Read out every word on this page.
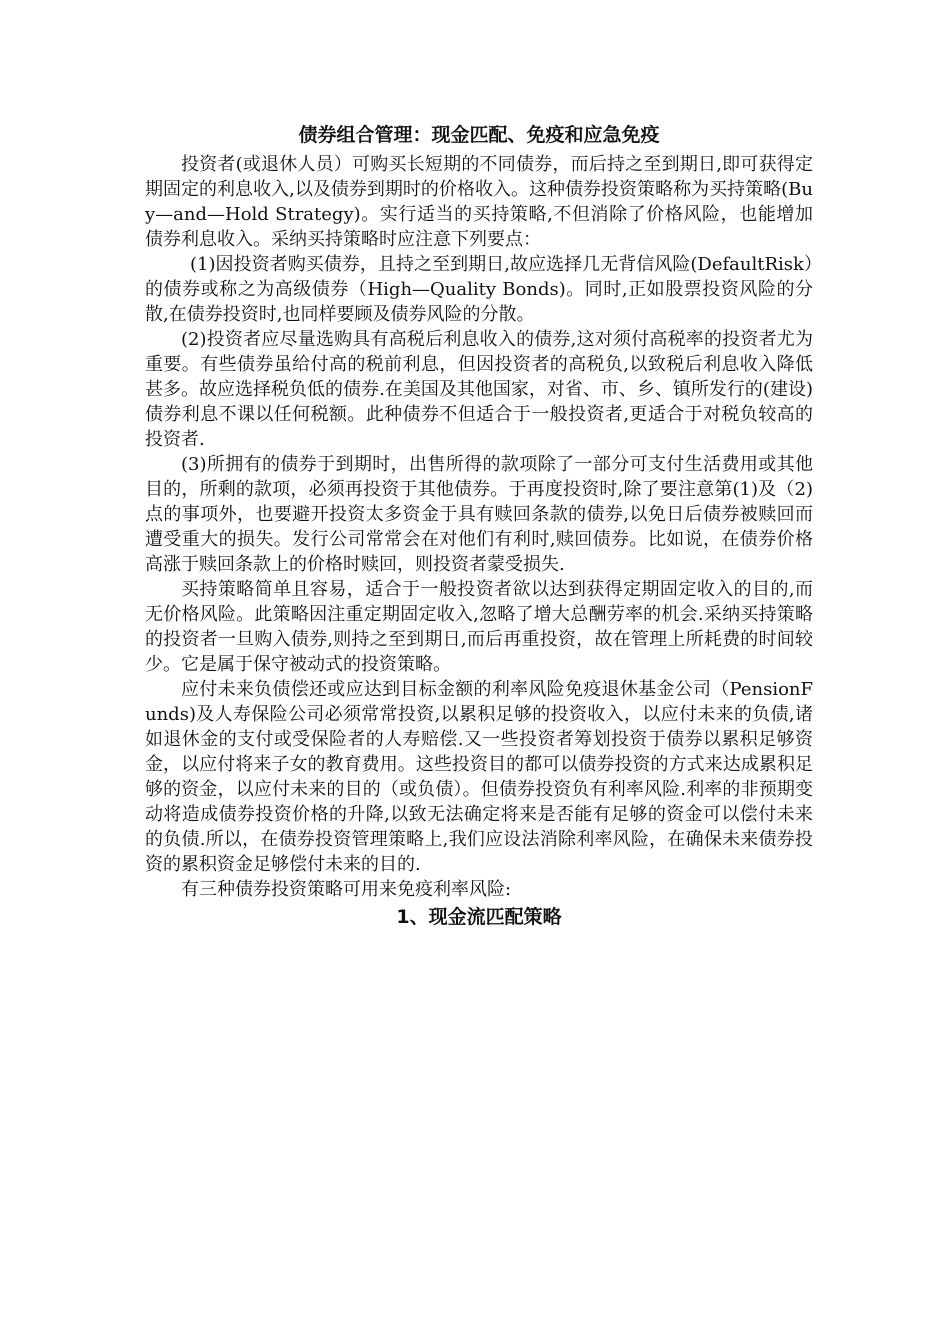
债券组合管理：现金匹配、免疫和应急免疫

投资者(或退休人员）可购买长短期的不同债券，而后持之至到期日,即可获得定期固定的利息收入,以及债券到期时的价格收入。这种债券投资策略称为买持策略(Buy—and—Hold Strategy)。实行适当的买持策略,不但消除了价格风险，也能增加债券利息收入。采纳买持策略时应注意下列要点：

(1)因投资者购买债券，且持之至到期日,故应选择几无背信风险(DefaultRisk）的债券或称之为高级债券（High—Quality Bonds)。同时,正如股票投资风险的分散,在债券投资时,也同样要顾及债券风险的分散。

(2)投资者应尽量选购具有高税后利息收入的债券,这对须付高税率的投资者尤为重要。有些债券虽给付高的税前利息，但因投资者的高税负,以致税后利息收入降低甚多。故应选择税负低的债券.在美国及其他国家，对省、市、乡、镇所发行的(建设)债券利息不课以任何税额。此种债券不但适合于一般投资者,更适合于对税负较高的投资者.

(3)所拥有的债券于到期时，出售所得的款项除了一部分可支付生活费用或其他目的，所剩的款项，必须再投资于其他债券。于再度投资时,除了要注意第(1)及（2)点的事项外，也要避开投资太多资金于具有赎回条款的债券,以免日后债券被赎回而遭受重大的损失。发行公司常常会在对他们有利时,赎回债券。比如说，在债券价格高涨于赎回条款上的价格时赎回，则投资者蒙受损失.

买持策略简单且容易，适合于一般投资者欲以达到获得定期固定收入的目的,而无价格风险。此策略因注重定期固定收入,忽略了增大总酬劳率的机会.采纳买持策略的投资者一旦购入债券,则持之至到期日,而后再重投资，故在管理上所耗费的时间较少。它是属于保守被动式的投资策略。

应付未来负债偿还或应达到目标金额的利率风险免疫退休基金公司（PensionFunds)及人寿保险公司必须常常投资,以累积足够的投资收入，以应付未来的负债,诸如退休金的支付或受保险者的人寿赔偿.又一些投资者筹划投资于债券以累积足够资金，以应付将来子女的教育费用。这些投资目的都可以债券投资的方式来达成累积足够的资金，以应付未来的目的（或负债）。但债券投资负有利率风险.利率的非预期变动将造成债券投资价格的升降,以致无法确定将来是否能有足够的资金可以偿付未来的负债.所以，在债券投资管理策略上,我们应设法消除利率风险，在确保未来债券投资的累积资金足够偿付未来的目的.

有三种债券投资策略可用来免疫利率风险:

1、现金流匹配策略
